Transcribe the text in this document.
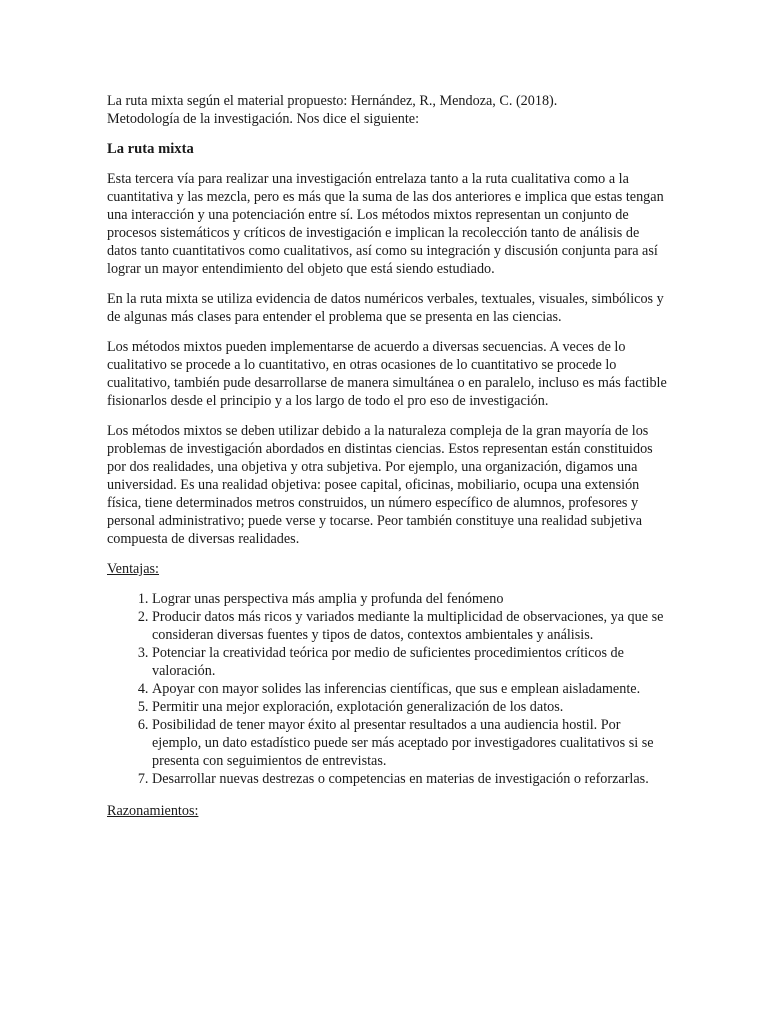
La ruta mixta según el material propuesto: Hernández, R., Mendoza, C. (2018).
Metodología de la investigación. Nos dice el siguiente:

La ruta mixta

Esta tercera vía para realizar una investigación entrelaza tanto a la ruta cualitativa como a la cuantitativa y las mezcla, pero es más que la suma de las dos anteriores e implica que estas tengan una interacción y una potenciación entre sí. Los métodos mixtos representan un conjunto de procesos sistemáticos y críticos de investigación e implican la recolección tanto de análisis de datos tanto cuantitativos como cualitativos, así como su integración y discusión conjunta para así lograr un mayor entendimiento del objeto que está siendo estudiado.

En la ruta mixta se utiliza evidencia de datos numéricos verbales, textuales, visuales, simbólicos y de algunas más clases para entender el problema que se presenta en las ciencias.

Los métodos mixtos pueden implementarse de acuerdo a diversas secuencias. A veces de lo cualitativo se procede a lo cuantitativo, en otras ocasiones de lo cuantitativo se procede lo cualitativo, también pude desarrollarse de manera simultánea o en paralelo, incluso es más factible fisionarlos desde el principio y a los largo de todo el pro eso de investigación.

Los métodos mixtos se deben utilizar debido a la naturaleza compleja de la gran mayoría de los problemas de investigación abordados en distintas ciencias. Estos representan están constituidos por dos realidades, una objetiva y otra subjetiva. Por ejemplo, una organización, digamos una universidad. Es una realidad objetiva: posee capital, oficinas, mobiliario, ocupa una extensión física, tiene determinados metros construidos, un número específico de alumnos, profesores y personal administrativo; puede verse y tocarse. Peor también constituye una realidad subjetiva compuesta de diversas realidades.

Ventajas:

1. Lograr unas perspectiva más amplia y profunda del fenómeno
2. Producir datos más ricos y variados mediante la multiplicidad de observaciones, ya que se consideran diversas fuentes y tipos de datos, contextos ambientales y análisis.
3. Potenciar la creatividad teórica por medio de suficientes procedimientos críticos de valoración.
4. Apoyar con mayor solides las inferencias científicas, que sus e emplean aisladamente.
5. Permitir una mejor exploración, explotación generalización de los datos.
6. Posibilidad de tener mayor éxito al presentar resultados a una audiencia hostil. Por ejemplo, un dato estadístico puede ser más aceptado por investigadores cualitativos si se presenta con seguimientos de entrevistas.
7. Desarrollar nuevas destrezas o competencias en materias de investigación o reforzarlas.

Razonamientos:
